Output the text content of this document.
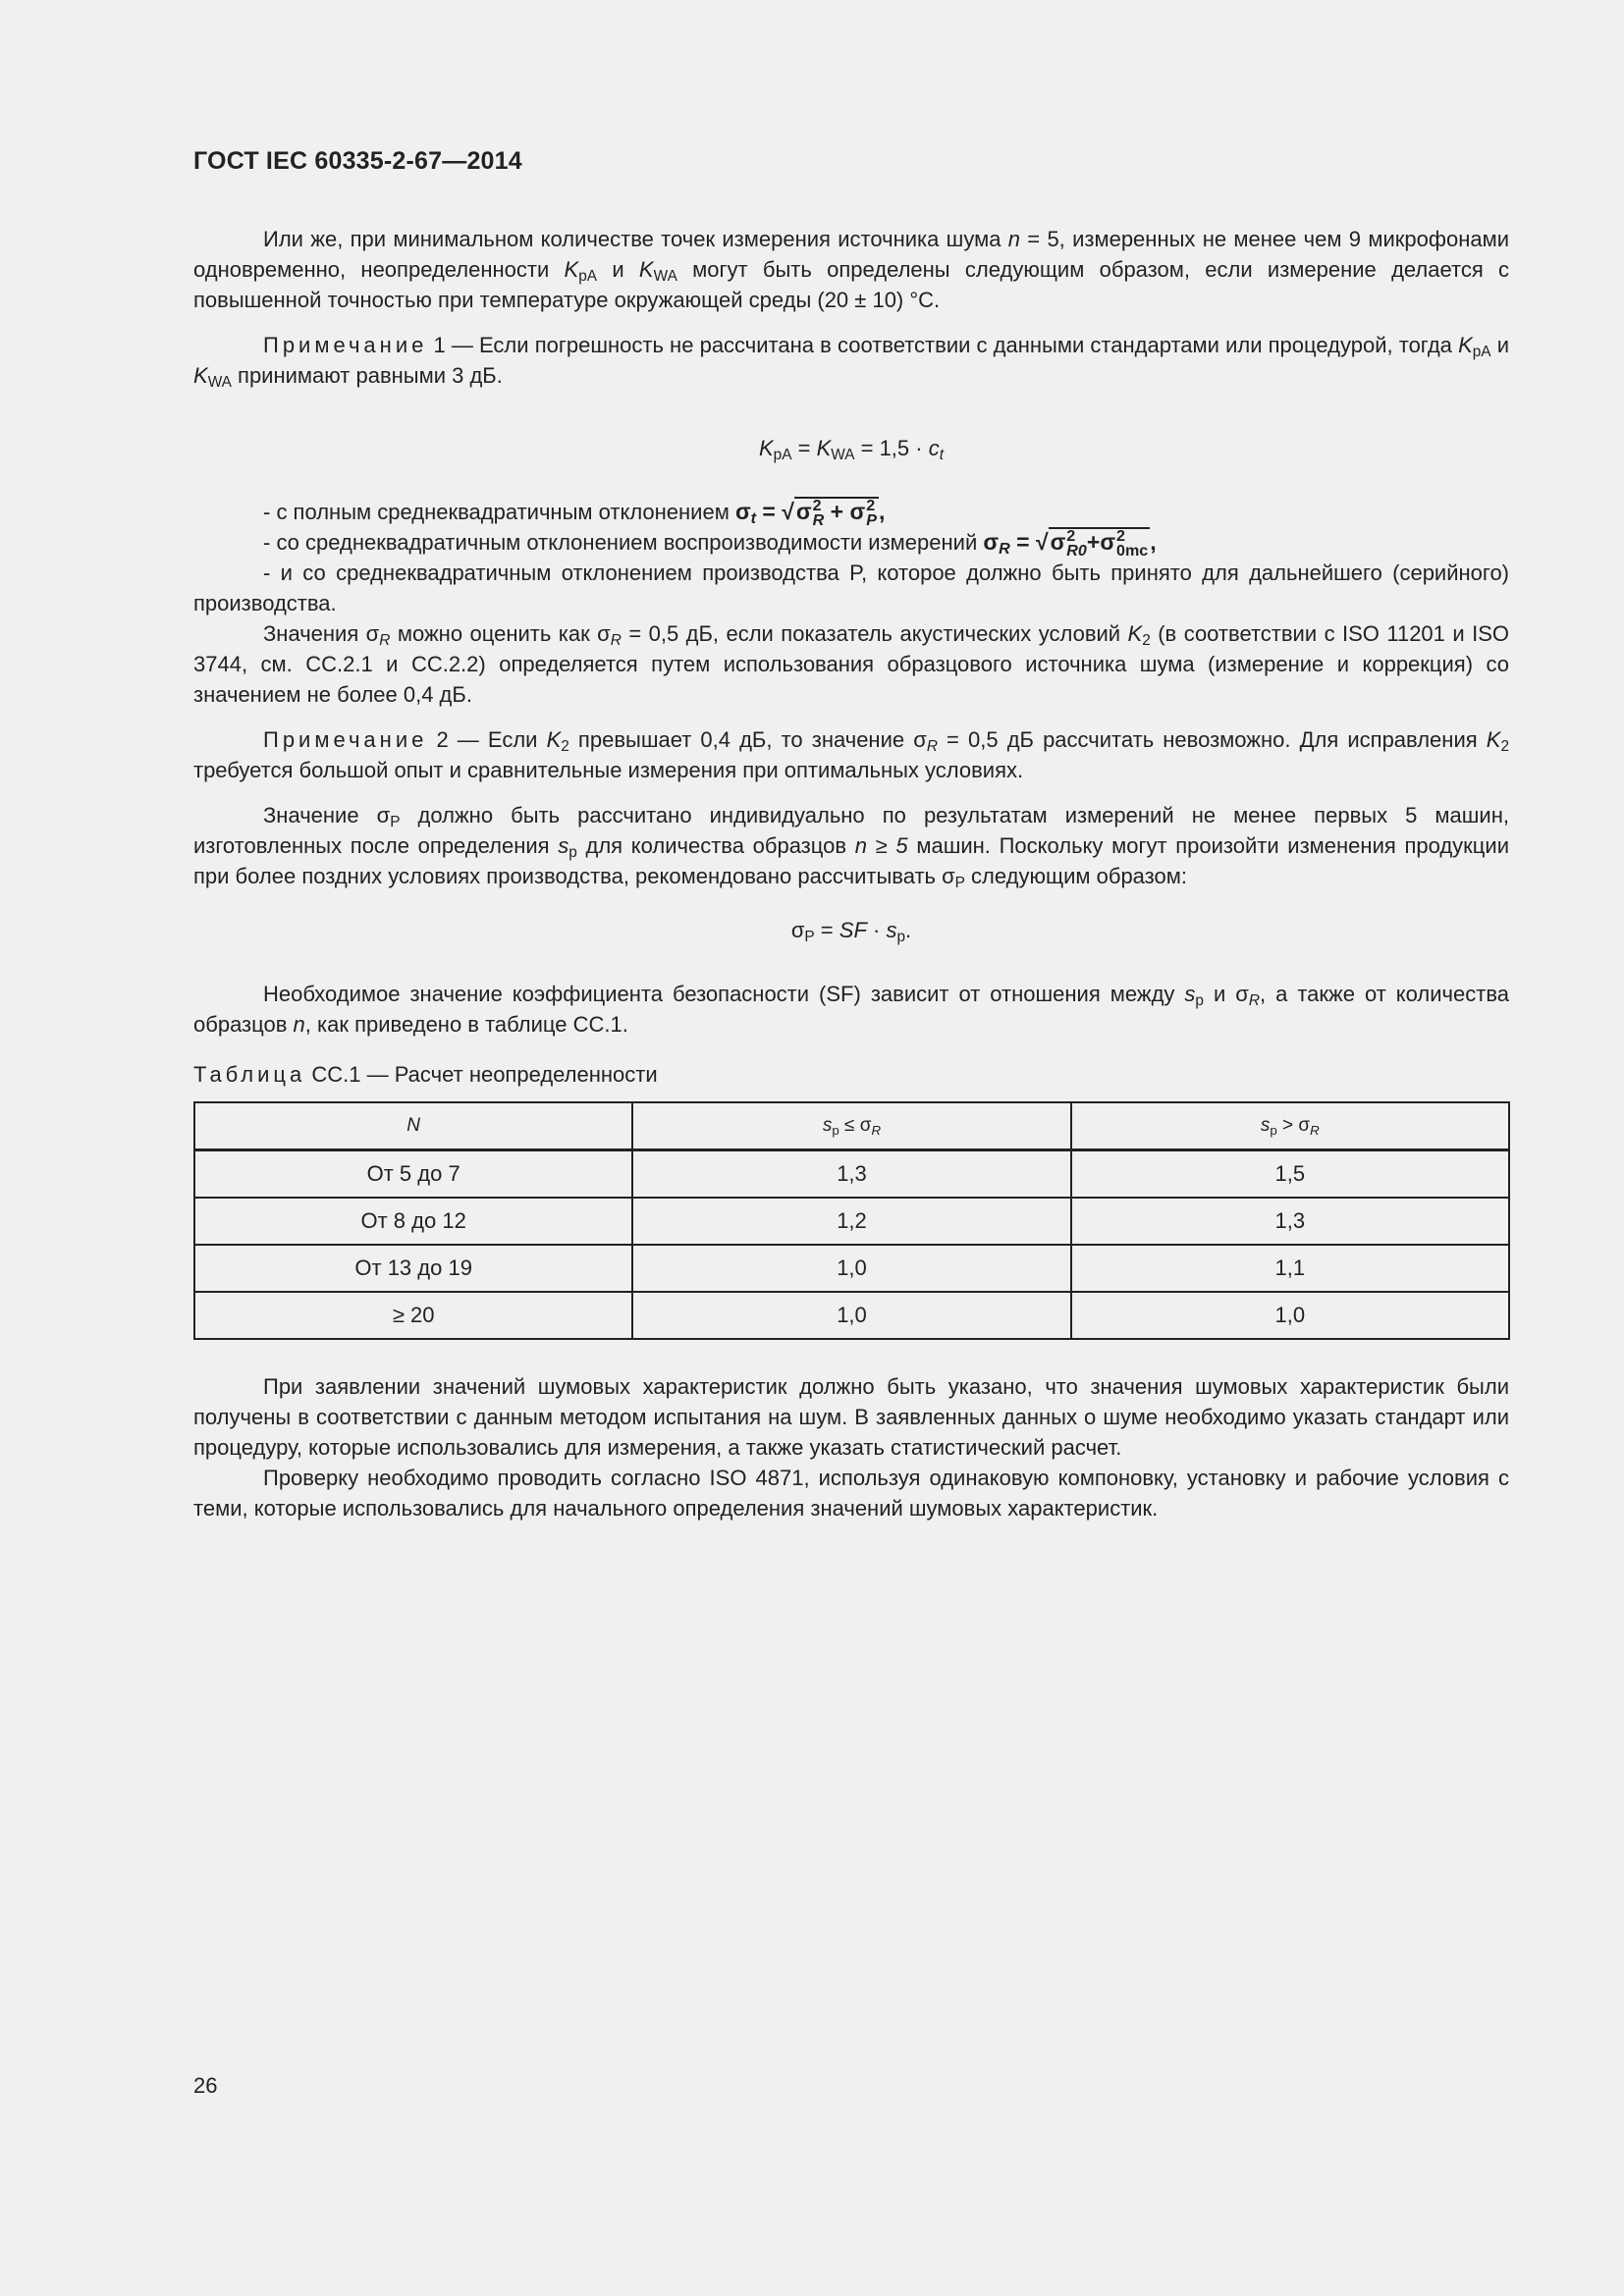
ГОСТ IEC 60335-2-67—2014
Или же, при минимальном количестве точек измерения источника шума n = 5, измеренных не менее чем 9 микрофонами одновременно, неопределенности $K_{pA}$ и $K_{WA}$ могут быть определены следующим образом, если измерение делается с повышенной точностью при температуре окружающей среды (20 ± 10) °C.
Примечание 1 — Если погрешность не рассчитана в соответствии с данными стандартами или процедурой, тогда $K_{pA}$ и $K_{WA}$ принимают равными 3 дБ.
$K_{pA} = K_{WA} = 1,5 \cdot c_t$
- с полным среднеквадратичным отклонением $\sigma_t = √\sigma$ 2
R + σ 2
P ,
- со среднеквадратичным отклонением воспроизводимости измерений $\sigma_R = √\sigma$ 2
R0 +σ 2
0mc ,
- и со среднеквадратичным отклонением производства P, которое должно быть принято для дальнейшего (серийного) производства.
Значения $\sigma_R$ можно оценить как $\sigma_R = 0,5$ дБ, если показатель акустических условий $K_2$ (в соответствии с ISO 11201 и ISO 3744, см. CC.2.1 и CC.2.2) определяется путем использования образцового источника шума (измерение и коррекция) со значением не более 0,4 дБ.
Примечание 2 — Если $K_2$ превышает 0,4 дБ, то значение $\sigma_R = 0,5$ дБ рассчитать невозможно. Для исправления $K_2$ требуется большой опыт и сравнительные измерения при оптимальных условиях.
Значение $\sigma_P$ должно быть рассчитано индивидуально по результатам измерений не менее первых 5 машин, изготовленных после определения $s_p$ для количества образцов n ≥ 5 машин. Поскольку могут произойти изменения продукции при более поздних условиях производства, рекомендовано рассчитывать $\sigma_P$ следующим образом:
$\sigma_P$ = SF · $s_p$.
Необходимое значение коэффициента безопасности (SF) зависит от отношения между $s_p$ и $\sigma_R$, а также от количества образцов n, как приведено в таблице CC.1.
Таблица CC.1 — Расчет неопределенности
N	$s_p \le \sigma_R$	$s_p > \sigma_R$
От 5 до 7	1,3	1,5
От 8 до 12	1,2	1,3
От 13 до 19	1,0	1,1
≥ 20	1,0	1,0
При заявлении значений шумовых характеристик должно быть указано, что значения шумовых характеристик были получены в соответствии с данным методом испытания на шум. В заявленных данных о шуме необходимо указать стандарт или процедуру, которые использовались для измерения, а также указать статистический расчет.
Проверку необходимо проводить согласно ISO 4871, используя одинаковую компоновку, установку и рабочие условия с теми, которые использовались для начального определения значений шумовых характеристик.
26
